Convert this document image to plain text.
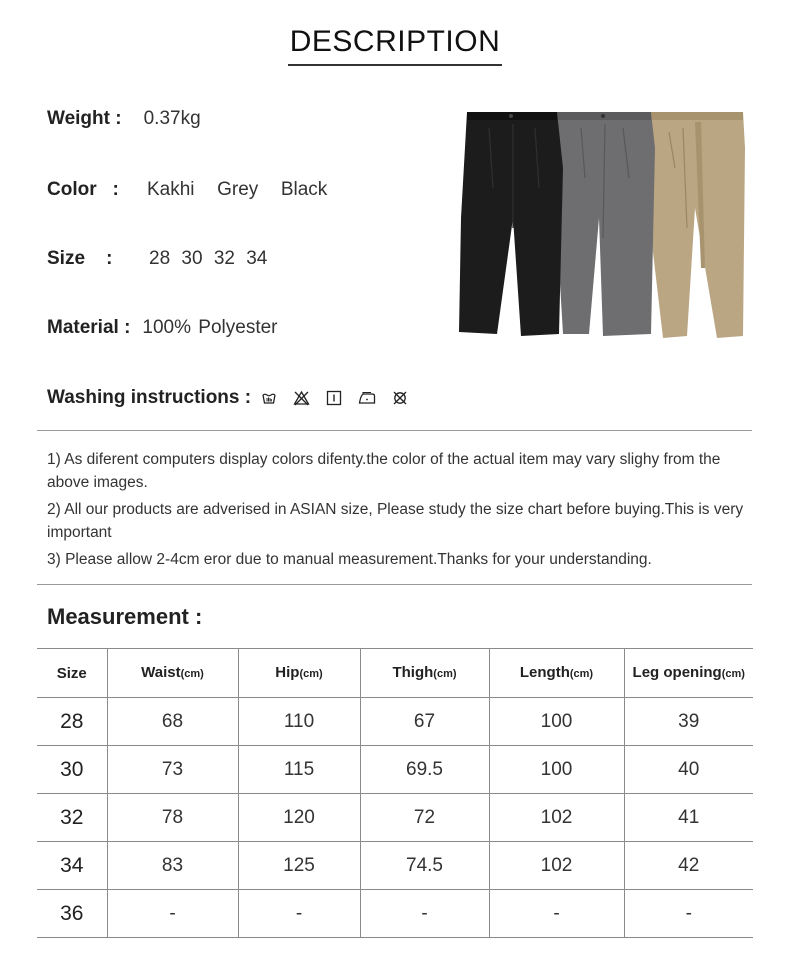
DESCRIPTION
Weight : 0.37kg
Color   :	Kakhi  Grey  Black
Size    :	28 30 32 34
Material : 100% Polyester
Washing instructions :

1) As diferent computers display colors difenty.the color of the actual item may vary slighy from the above images.

2) All our products are adverised in ASIAN size, Please study the size chart before buying.This is very important

3) Please allow 2-4cm eror due to manual measurement.Thanks for your understanding.

Measurement :
Size	Waist(cm)	Hip(cm)	Thigh(cm)	Length(cm)	Leg opening(cm)
28	68	110	67	100	39
30	73	115	69.5	100	40
32	78	120	72	102	41
34	83	125	74.5	102	42
36	-	-	-	-	-
